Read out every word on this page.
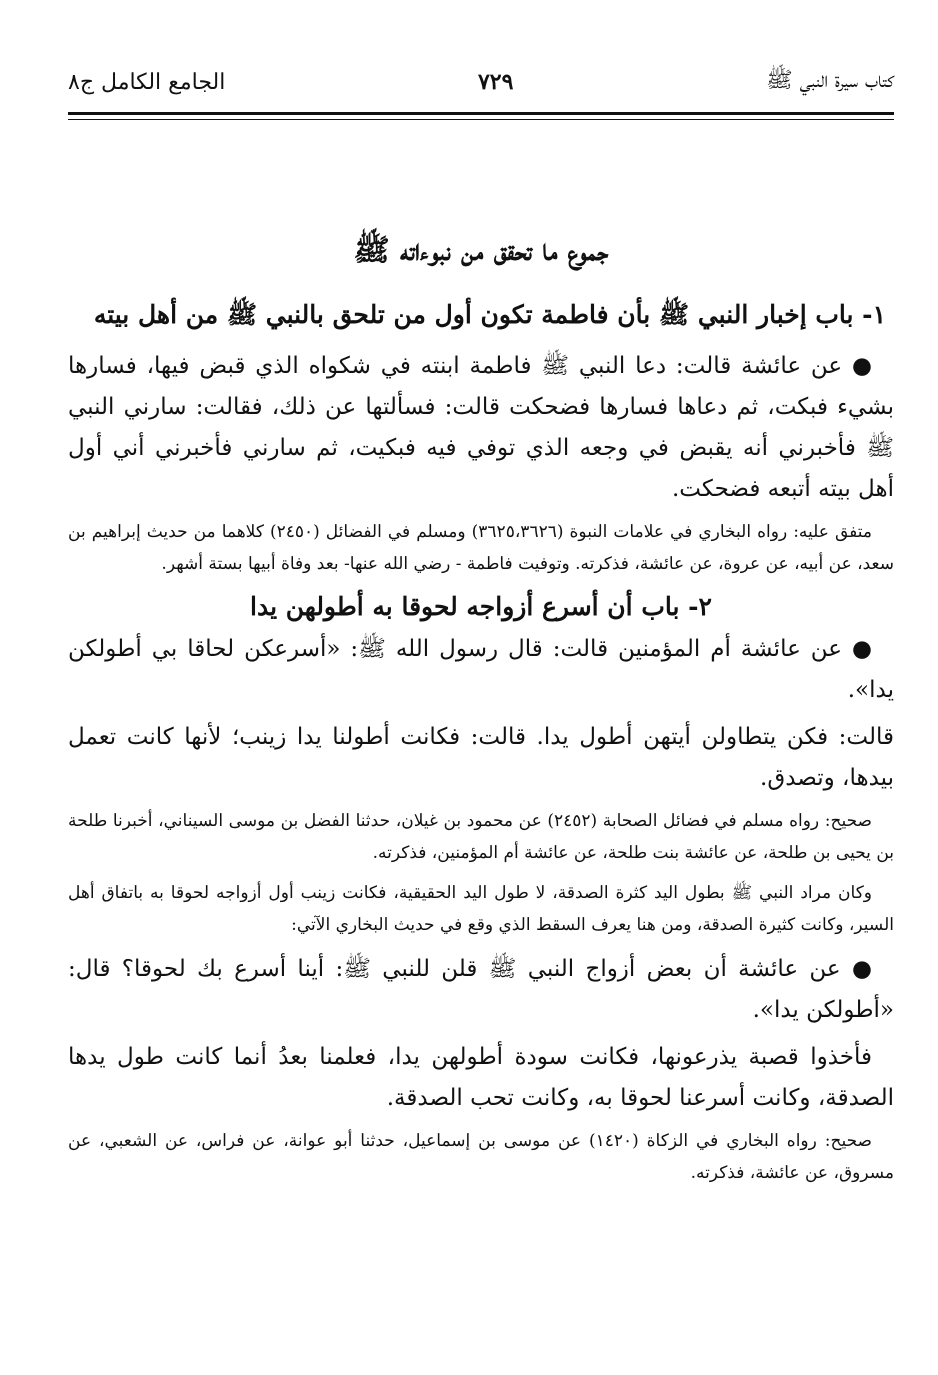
كتاب سيرة النبي ﷺ
٧٢٩
الجامع الكامل ج٨
جموع ما تحقق من نبوءاته ﷺ
١- باب إخبار النبي ﷺ بأن فاطمة تكون أول من تلحق بالنبي ﷺ من أهل بيته

● عن عائشة قالت: دعا النبي ﷺ فاطمة ابنته في شكواه الذي قبض فيها، فسارها بشيء فبكت، ثم دعاها فسارها فضحكت قالت: فسألتها عن ذلك، فقالت: سارني النبي ﷺ فأخبرني أنه يقبض في وجعه الذي توفي فيه فبكيت، ثم سارني فأخبرني أني أول أهل بيته أتبعه فضحكت.

متفق عليه: رواه البخاري في علامات النبوة (٣٦٢٥،٣٦٢٦) ومسلم في الفضائل (٢٤٥٠) كلاهما من حديث إبراهيم بن سعد، عن أبيه، عن عروة، عن عائشة، فذكرته. وتوفيت فاطمة - رضي الله عنها- بعد وفاة أبيها بستة أشهر.

٢- باب أن أسرع أزواجه لحوقا به أطولهن يدا

● عن عائشة أم المؤمنين قالت: قال رسول الله ﷺ: «أسرعكن لحاقا بي أطولكن يدا».

قالت: فكن يتطاولن أيتهن أطول يدا. قالت: فكانت أطولنا يدا زينب؛ لأنها كانت تعمل بيدها، وتصدق.

صحيح: رواه مسلم في فضائل الصحابة (٢٤٥٢) عن محمود بن غيلان، حدثنا الفضل بن موسى السيناني، أخبرنا طلحة بن يحيى بن طلحة، عن عائشة بنت طلحة، عن عائشة أم المؤمنين، فذكرته.

وكان مراد النبي ﷺ بطول اليد كثرة الصدقة، لا طول اليد الحقيقية، فكانت زينب أول أزواجه لحوقا به باتفاق أهل السير، وكانت كثيرة الصدقة، ومن هنا يعرف السقط الذي وقع في حديث البخاري الآتي:

● عن عائشة أن بعض أزواج النبي ﷺ قلن للنبي ﷺ: أينا أسرع بك لحوقا؟ قال: «أطولكن يدا».

فأخذوا قصبة يذرعونها، فكانت سودة أطولهن يدا، فعلمنا بعدُ أنما كانت طول يدها الصدقة، وكانت أسرعنا لحوقا به، وكانت تحب الصدقة.

صحيح: رواه البخاري في الزكاة (١٤٢٠) عن موسى بن إسماعيل، حدثنا أبو عوانة، عن فراس، عن الشعبي، عن مسروق، عن عائشة، فذكرته.
